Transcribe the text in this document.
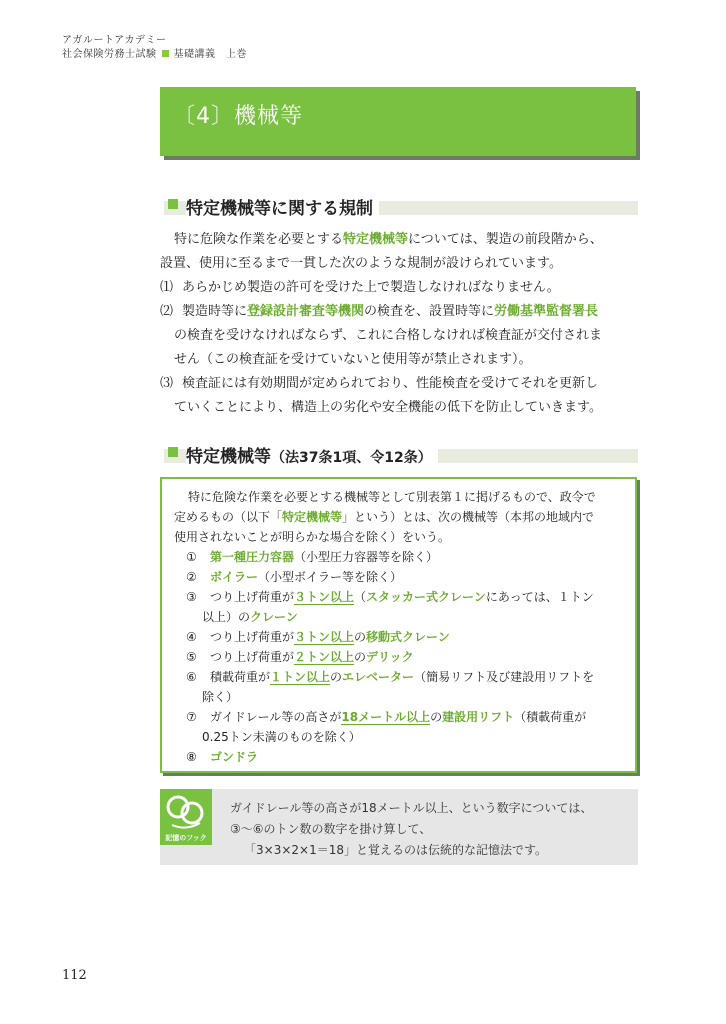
アガルートアカデミー
社会保険労務士試験 基礎講義　上巻
〔4〕機械等
特定機械等に関する規制
特に危険な作業を必要とする特定機械等については、製造の前段階から、
設置、使用に至るまで一貫した次のような規制が設けられています。
⑴ あらかじめ製造の許可を受けた上で製造しなければなりません。
⑵ 製造時等に登録設計審査等機関の検査を、設置時等に労働基準監督署長
の検査を受けなければならず、これに合格しなければ検査証が交付されま
せん（この検査証を受けていないと使用等が禁止されます）。
⑶ 検査証には有効期間が定められており、性能検査を受けてそれを更新し
ていくことにより、構造上の劣化や安全機能の低下を防止していきます。
特定機械等（法37条1項、令12条）
特に危険な作業を必要とする機械等として別表第１に掲げるもので、政令で
定めるもの（以下「特定機械等」という）とは、次の機械等（本邦の地域内で
使用されないことが明らかな場合を除く）をいう。
① 第一種圧力容器（小型圧力容器等を除く）
② ボイラー（小型ボイラー等を除く）
③ つり上げ荷重が３トン以上（スタッカー式クレーンにあっては、１トン
以上）のクレーン
④ つり上げ荷重が３トン以上の移動式クレーン
⑤ つり上げ荷重が２トン以上のデリック
⑥ 積載荷重が１トン以上のエレベーター（簡易リフト及び建設用リフトを
除く）
⑦ ガイドレール等の高さが18メートル以上の建設用リフト（積載荷重が
0.25トン未満のものを除く）
⑧ ゴンドラ
記憶のフック
ガイドレール等の高さが18メートル以上、という数字については、
③〜⑥のトン数の数字を掛け算して、
「3×3×2×1＝18」と覚えるのは伝統的な記憶法です。
112
